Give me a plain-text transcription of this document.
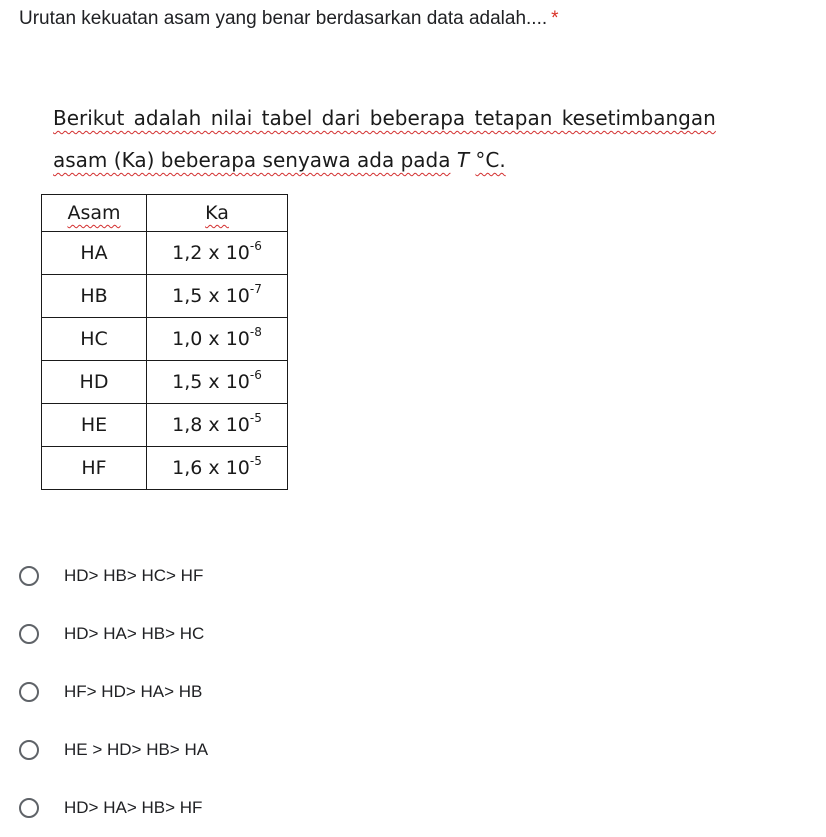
Urutan kekuatan asam yang benar berdasarkan data adalah.... *
Berikut adalah nilai tabel dari beberapa tetapan kesetimbangan
asam (Ka) beberapa senyawa ada pada T °C.
Asam	Ka
HA	1,2 x $10^{-6}$
HB	1,5 x $10^{-7}$
HC	1,0 x $10^{-8}$
HD	1,5 x $10^{-6}$
HE	1,8 x $10^{-5}$
HF	1,6 x $10^{-5}$
HD> HB> HC> HF
HD> HA> HB> HC
HF> HD> HA> HB
HE > HD> HB> HA
HD> HA> HB> HF
